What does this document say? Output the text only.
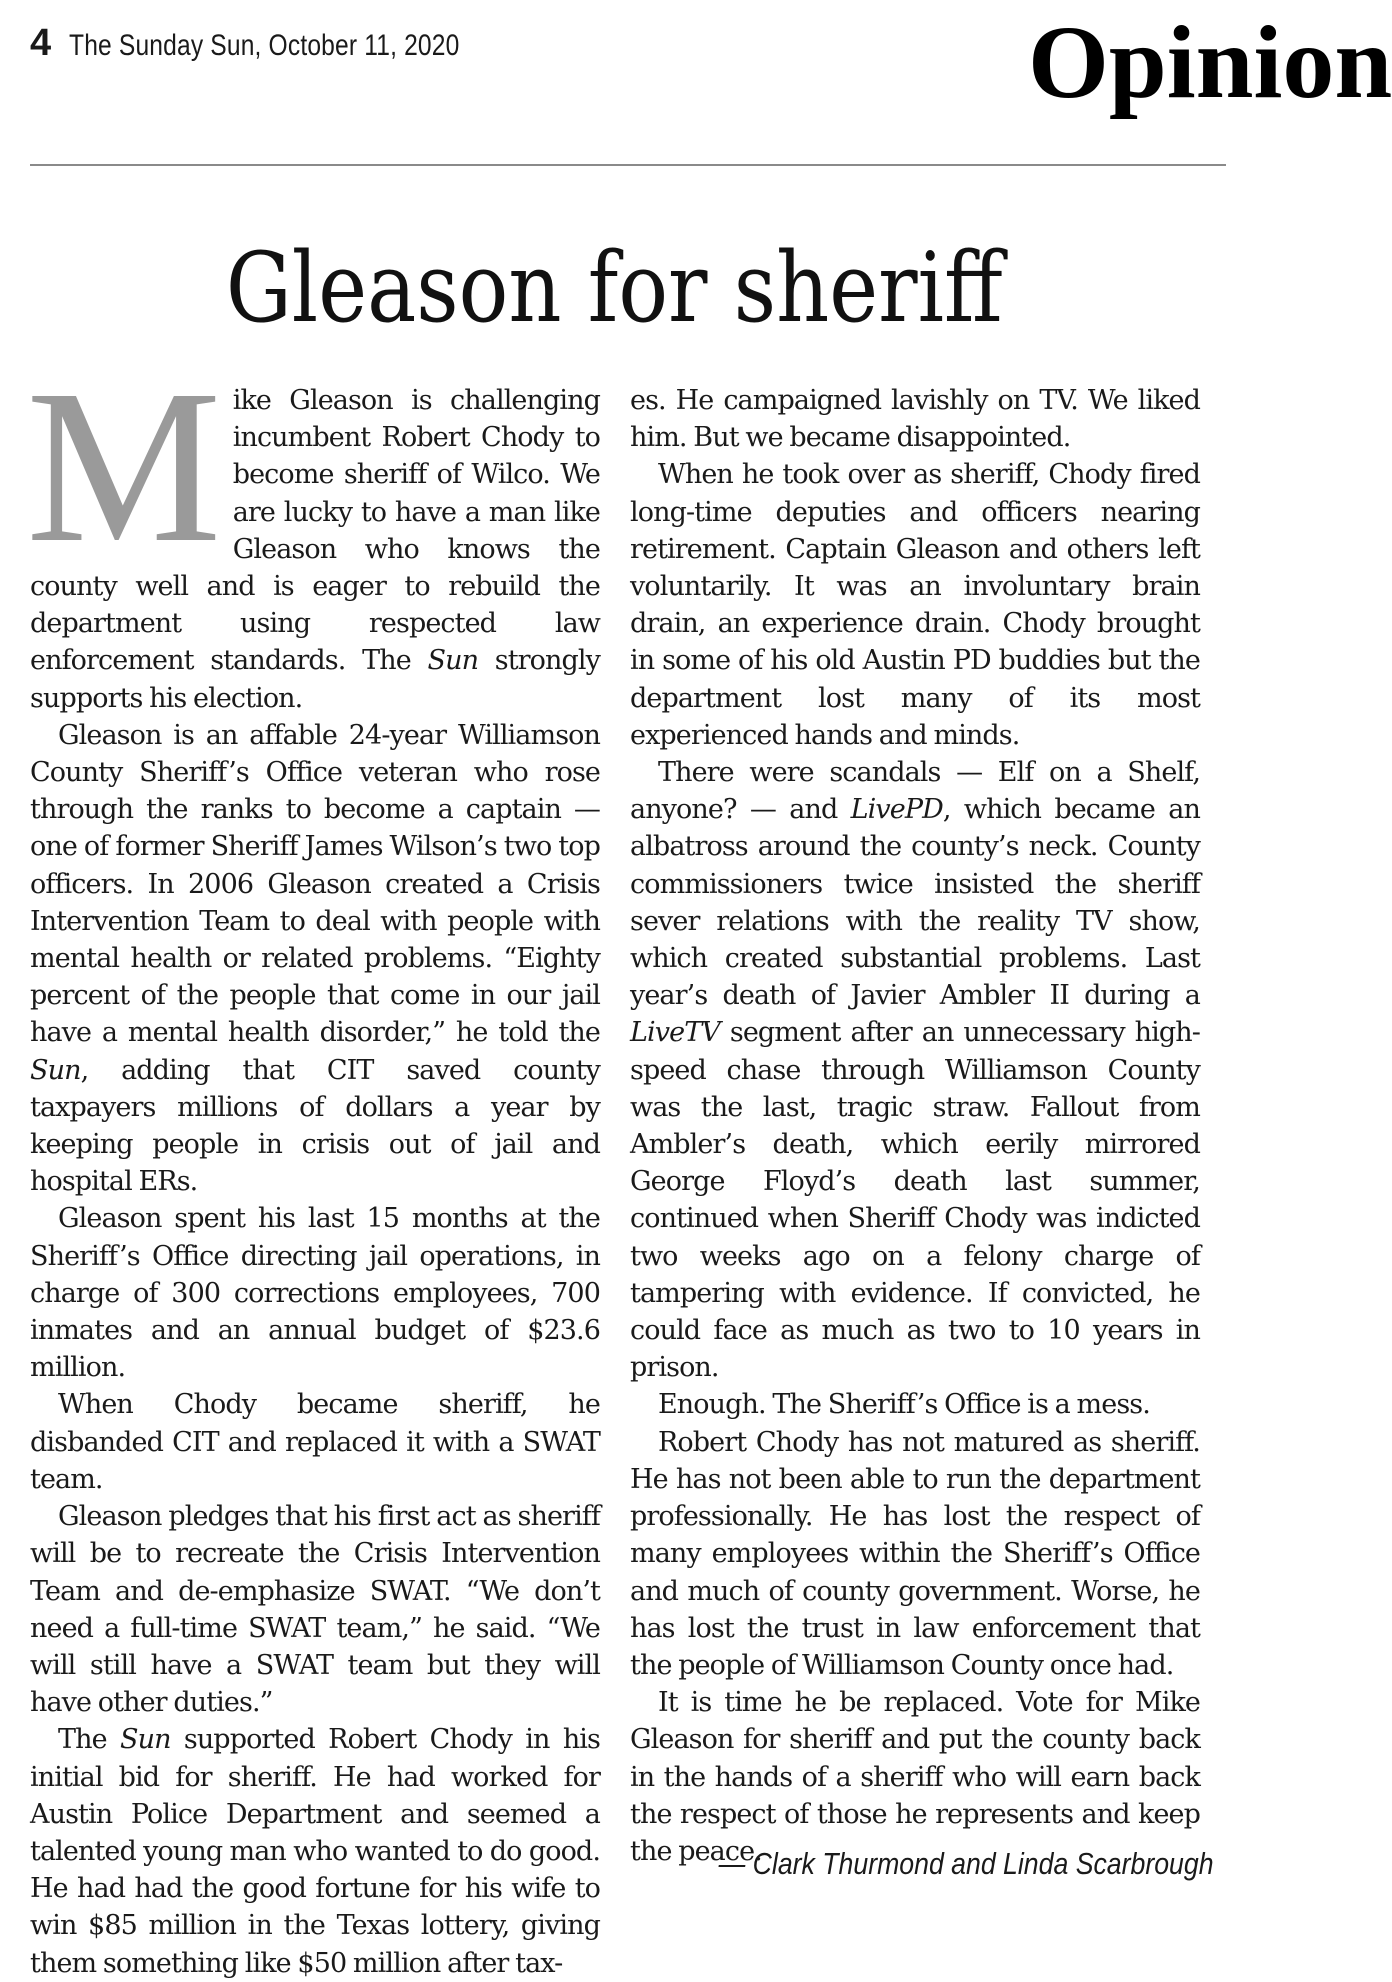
4 The Sunday Sun, October 11, 2020	Opinion
Gleason for sheriff

Mike Gleason is challenging incumbent Robert Chody to become sheriff of Wilco. We are lucky to have a man like Gleason who knows the county well and is eager to rebuild the department using respected law enforcement standards. The Sun strongly supports his election.

Gleason is an affable 24-year Williamson County Sheriff’s Office veteran who rose through the ranks to become a captain — one of former Sheriff James Wilson’s two top officers. In 2006 Gleason created a Crisis Intervention Team to deal with people with mental health or related problems. “Eighty percent of the people that come in our jail have a mental health disorder,” he told the Sun, adding that CIT saved county taxpayers millions of dollars a year by keeping people in crisis out of jail and hospital ERs.

Gleason spent his last 15 months at the Sheriff’s Office directing jail operations, in charge of 300 corrections employees, 700 inmates and an annual budget of $23.6 million.

When Chody became sheriff, he disbanded CIT and replaced it with a SWAT team.

Gleason pledges that his first act as sheriff will be to recreate the Crisis Intervention Team and de-emphasize SWAT. “We don’t need a full-time SWAT team,” he said. “We will still have a SWAT team but they will have other duties.”

The Sun supported Robert Chody in his initial bid for sheriff. He had worked for Austin Police Department and seemed a talented young man who wanted to do good. He had had the good fortune for his wife to win $85 million in the Texas lottery, giving them something like $50 million after tax-

es. He campaigned lavishly on TV. We liked him. But we became disappointed.

When he took over as sheriff, Chody fired long-time deputies and officers nearing retirement. Captain Gleason and others left voluntarily. It was an involuntary brain drain, an experience drain. Chody brought in some of his old Austin PD buddies but the department lost many of its most experienced hands and minds.

There were scandals — Elf on a Shelf, anyone? — and LivePD, which became an albatross around the county’s neck. County commissioners twice insisted the sheriff sever relations with the reality TV show, which created substantial problems. Last year’s death of Javier Ambler II during a LiveTV segment after an unnecessary high-speed chase through Williamson County was the last, tragic straw. Fallout from Ambler’s death, which eerily mirrored George Floyd’s death last summer, continued when Sheriff Chody was indicted two weeks ago on a felony charge of tampering with evidence. If convicted, he could face as much as two to 10 years in prison.

Enough. The Sheriff’s Office is a mess.

Robert Chody has not matured as sheriff. He has not been able to run the department professionally. He has lost the respect of many employees within the Sheriff’s Office and much of county government. Worse, he has lost the trust in law enforcement that the people of Williamson County once had.

It is time he be replaced. Vote for Mike Gleason for sheriff and put the county back in the hands of a sheriff who will earn back the respect of those he represents and keep the peace.

— Clark Thurmond and Linda Scarbrough
